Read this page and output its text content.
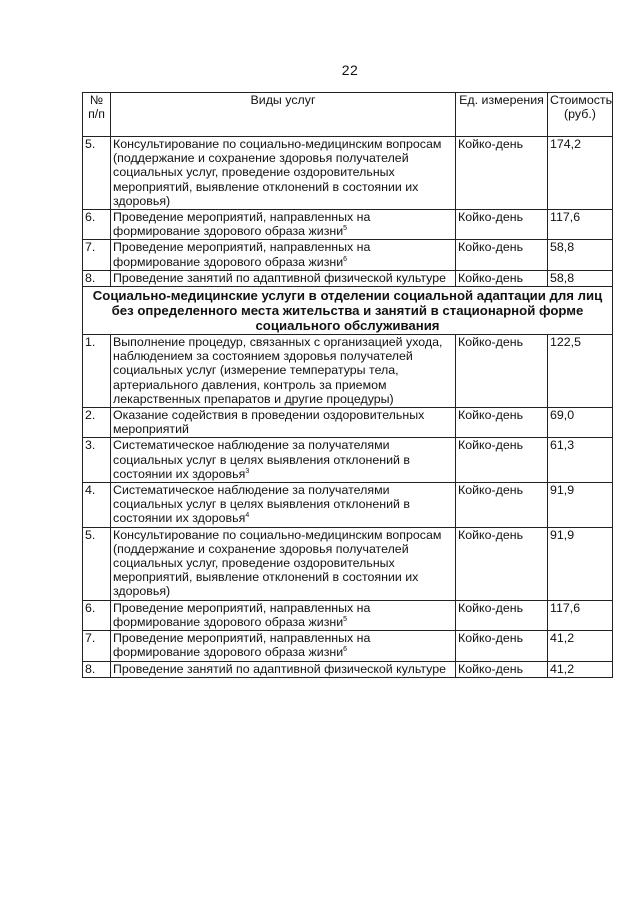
22
№ п/п	Виды услуг	Ед. измерения	Стоимость (руб.)
5.	Консультирование по социально-медицинским вопросам (поддержание и сохранение здоровья получателей социальных услуг, проведение оздоровительных мероприятий, выявление отклонений в состоянии их здоровья)	Койко-день	174,2
6.	Проведение мероприятий, направленных на формирование здорового образа жизни$^5$	Койко-день	117,6
7.	Проведение мероприятий, направленных на формирование здорового образа жизни$^6$	Койко-день	58,8
8.	Проведение занятий по адаптивной физической культуре	Койко-день	58,8
Социально-медицинские услуги в отделении социальной адаптации для лиц без определенного места жительства и занятий в стационарной форме социального обслуживания			
1.	Выполнение процедур, связанных с организацией ухода, наблюдением за состоянием здоровья получателей социальных услуг (измерение температуры тела, артериального давления, контроль за приемом лекарственных препаратов и другие процедуры)	Койко-день	122,5
2.	Оказание содействия в проведении оздоровительных мероприятий	Койко-день	69,0
3.	Систематическое наблюдение за получателями социальных услуг в целях выявления отклонений в состоянии их здоровья$^3$	Койко-день	61,3
4.	Систематическое наблюдение за получателями социальных услуг в целях выявления отклонений в состоянии их здоровья$^4$	Койко-день	91,9
5.	Консультирование по социально-медицинским вопросам (поддержание и сохранение здоровья получателей социальных услуг, проведение оздоровительных мероприятий, выявление отклонений в состоянии их здоровья)	Койко-день	91,9
6.	Проведение мероприятий, направленных на формирование здорового образа жизни$^5$	Койко-день	117,6
7.	Проведение мероприятий, направленных на формирование здорового образа жизни$^6$	Койко-день	41,2
8.	Проведение занятий по адаптивной физической культуре	Койко-день	41,2
